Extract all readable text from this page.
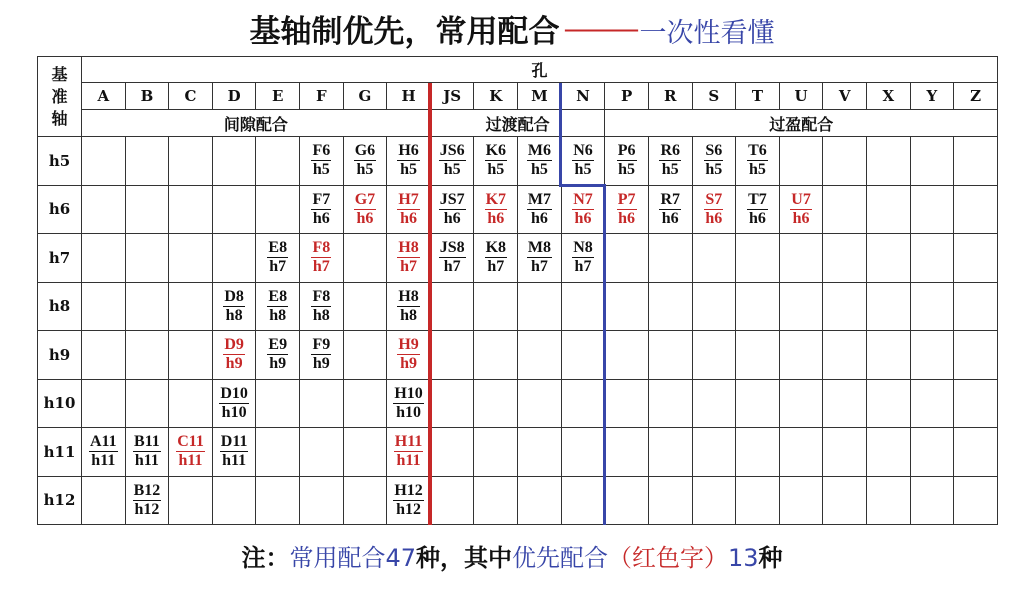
基轴制优先，常用配合 ——— 一次性看懂
基
准
轴	孔																				
	A	B	C	D	E	F	G	H	JS	K	M	N	P	R	S	T	U	V	X	Y	Z
	间隙配合								过渡配合				过盈配合								
h5						$\frac{F6}{h5}$	$\frac{G6}{h5}$	$\frac{H6}{h5}$	$\frac{JS6}{h5}$	$\frac{K6}{h5}$	$\frac{M6}{h5}$	$\frac{N6}{h5}$	$\frac{P6}{h5}$	$\frac{R6}{h5}$	$\frac{S6}{h5}$	$\frac{T6}{h5}$

h6						$\frac{F7}{h6}$	$\frac{G7}{h6}$	$\frac{H7}{h6}$	$\frac{JS7}{h6}$	$\frac{K7}{h6}$	$\frac{M7}{h6}$	$\frac{N7}{h6}$	$\frac{P7}{h6}$	$\frac{R7}{h6}$	$\frac{S7}{h6}$	$\frac{T7}{h6}$	$\frac{U7}{h6}$

h7					$\frac{E8}{h7}$	$\frac{F8}{h7}$		$\frac{H8}{h7}$	$\frac{JS8}{h7}$	$\frac{K8}{h7}$	$\frac{M8}{h7}$	$\frac{N8}{h7}$

h8				$\frac{D8}{h8}$	$\frac{E8}{h8}$	$\frac{F8}{h8}$		$\frac{H8}{h8}$

h9				$\frac{D9}{h9}$	$\frac{E9}{h9}$	$\frac{F9}{h9}$		$\frac{H9}{h9}$

h10				$\frac{D10}{h10}$				$\frac{H10}{h10}$

h11	$\frac{A11}{h11}$	$\frac{B11}{h11}$	$\frac{C11}{h11}$	$\frac{D11}{h11}$				$\frac{H11}{h11}$

h12		$\frac{B12}{h12}$						$\frac{H12}{h12}$

注：常用配合47种，其中优先配合（红色字）13种
